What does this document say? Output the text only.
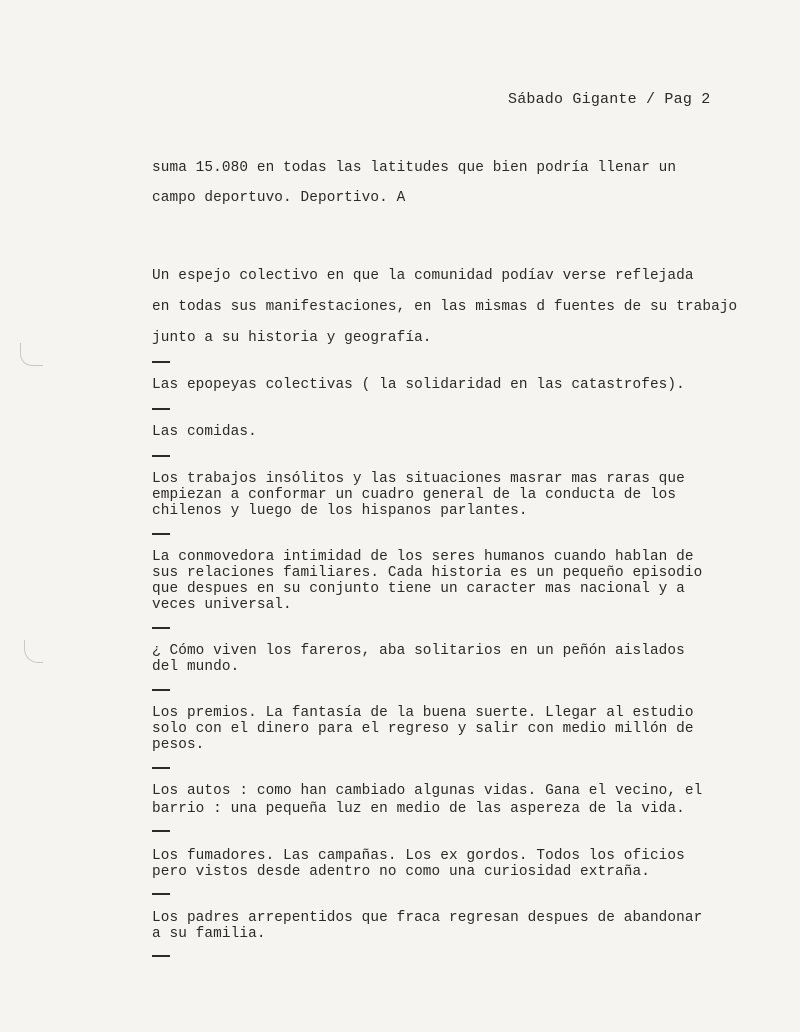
Sábado Gigante / Pag 2
suma 15.080 en todas las latitudes que bien podría llenar un
campo deportuvo. Deportivo. A
Un espejo colectivo en que la comunidad podíav verse reflejada
en todas sus manifestaciones, en las mismas d fuentes de su trabajo
junto a su historia y geografía.
Las epopeyas colectivas ( la solidaridad en las catastrofes).
Las comidas.
Los trabajos insólitos y las situaciones masrar mas raras que
empiezan a conformar un cuadro general de la conducta de los
chilenos y luego de los hispanos parlantes.
La conmovedora intimidad de los seres humanos cuando hablan de
sus relaciones familiares. Cada historia es un pequeño episodio
que despues en su conjunto tiene un caracter mas nacional y a
veces universal.
¿ Cómo viven los fareros, aba solitarios en un peñón aislados
del mundo.
Los premios. La fantasía de la buena suerte. Llegar al estudio
solo con el dinero para el regreso y salir con medio millón de
pesos.
Los autos : como han cambiado algunas vidas. Gana el vecino, el
barrio : una pequeña luz en medio de las aspereza de la vida.
Los fumadores. Las campañas. Los ex gordos. Todos los oficios
pero vistos desde adentro no como una curiosidad extraña.
Los padres arrepentidos que fraca regresan despues de abandonar
a su familia.
